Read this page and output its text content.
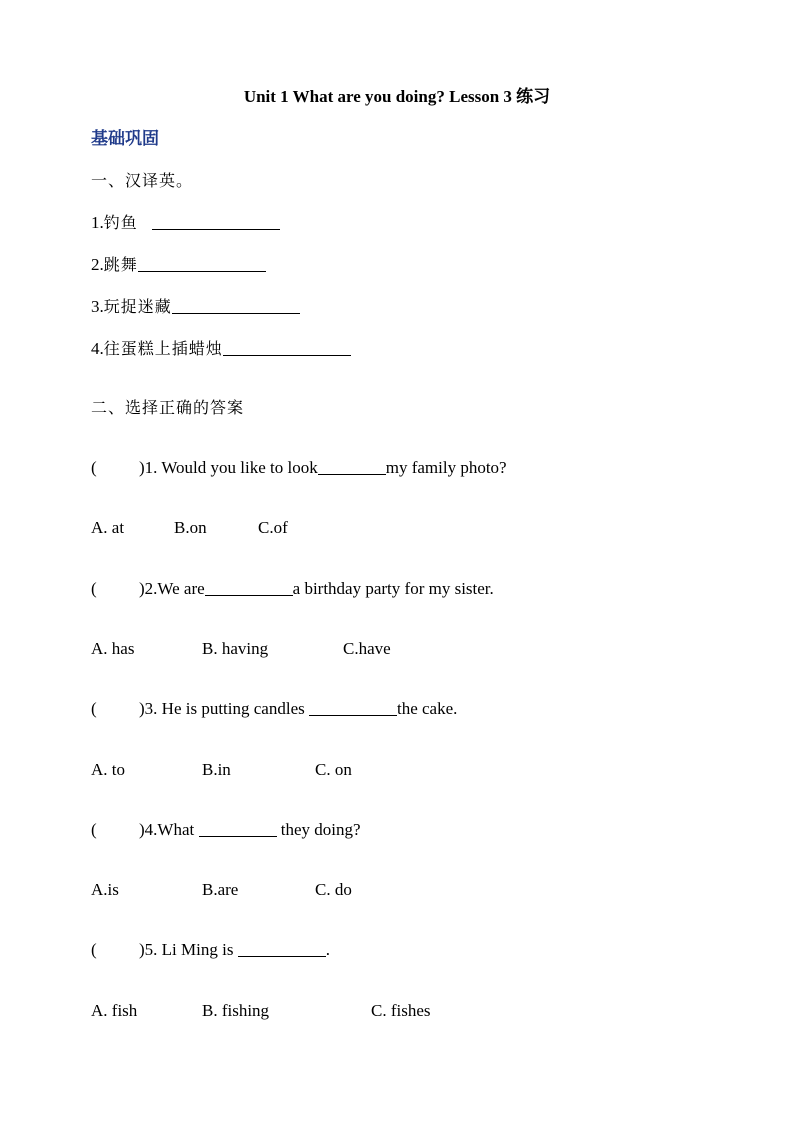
Unit 1 What are you doing? Lesson 3 练习
基础巩固
一、汉译英。
1.钓鱼
2.跳舞
3.玩捉迷藏
4.往蛋糕上插蜡烛
二、选择正确的答案
( )1. Would you like to look	my family photo?
A. at	B.on	C.of
( )2.We are	a birthday party for my sister.
A. has	B. having	C.have
( )3. He is putting candles	the cake.
A. to	B.in	C. on
( )4.What	they doing?
A.is	B.are	C. do
( )5. Li Ming is	.
A. fish	B. fishing	C. fishes
